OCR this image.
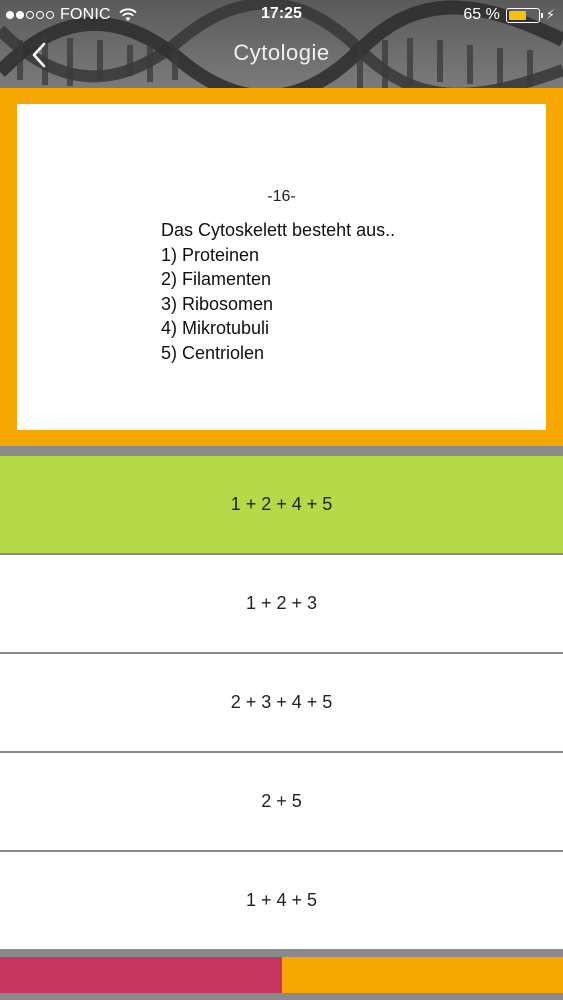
FONIC	17:25	65 %	⚡
Cytologie
-16-
Das Cytoskelett besteht aus..
1) Proteinen
2) Filamenten
3) Ribosomen
4) Mikrotubuli
5) Centriolen
1 + 2 + 4 + 5
1 + 2 + 3
2 + 3 + 4 + 5
2 + 5
1 + 4 + 5
